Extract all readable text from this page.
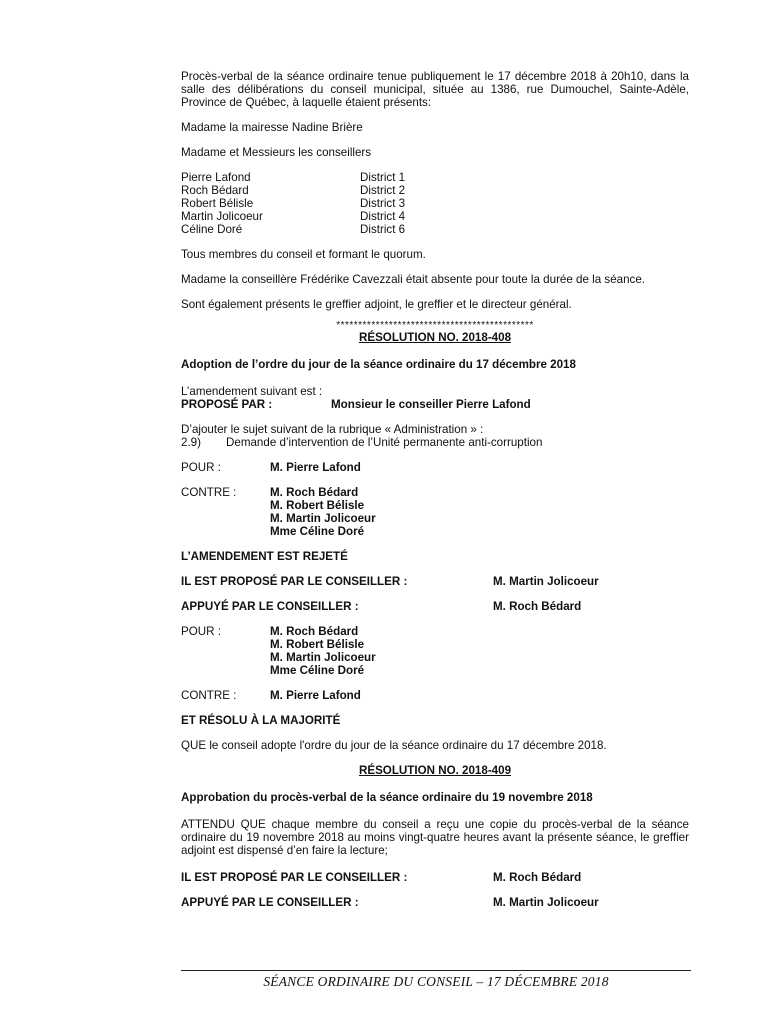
Procès-verbal de la séance ordinaire tenue publiquement le 17 décembre 2018 à 20h10, dans la salle des délibérations du conseil municipal, située au 1386, rue Dumouchel, Sainte-Adèle, Province de Québec, à laquelle étaient présents:

Madame la mairesse Nadine Brière

Madame et Messieurs les conseillers

Pierre Lafond	District 1
Roch Bédard	District 2
Robert Bélisle	District 3
Martin Jolicoeur	District 4
Céline Doré	District 6

Tous membres du conseil et formant le quorum.

Madame la conseillère Frédérike Cavezzali était absente pour toute la durée de la séance.

Sont également présents le greffier adjoint, le greffier et le directeur général.

*********************************************

RÉSOLUTION NO. 2018-408

Adoption de l’ordre du jour de la séance ordinaire du 17 décembre 2018

L’amendement suivant est :

PROPOSÉ PAR :	Monsieur le conseiller Pierre Lafond

D’ajouter le sujet suivant de la rubrique « Administration » :

2.9)	Demande d’intervention de l’Unité permanente anti-corruption
POUR :	M. Pierre Lafond
CONTRE :	M. Roch Bédard
M. Robert Bélisle
M. Martin Jolicoeur
Mme Céline Doré

L’AMENDEMENT EST REJETÉ

IL EST PROPOSÉ PAR LE CONSEILLER :	M. Martin Jolicoeur
APPUYÉ PAR LE CONSEILLER :	M. Roch Bédard
POUR :	M. Roch Bédard
M. Robert Bélisle
M. Martin Jolicoeur
Mme Céline Doré
CONTRE :	M. Pierre Lafond

ET RÉSOLU À LA MAJORITÉ

QUE le conseil adopte l'ordre du jour de la séance ordinaire du 17 décembre 2018.

RÉSOLUTION NO. 2018-409

Approbation du procès-verbal de la séance ordinaire du 19 novembre 2018

ATTENDU QUE chaque membre du conseil a reçu une copie du procès-verbal de la séance ordinaire du 19 novembre 2018 au moins vingt-quatre heures avant la présente séance, le greffier adjoint est dispensé d’en faire la lecture;

IL EST PROPOSÉ PAR LE CONSEILLER :	M. Roch Bédard
APPUYÉ PAR LE CONSEILLER :	M. Martin Jolicoeur
SÉANCE ORDINAIRE DU CONSEIL – 17 DÉCEMBRE 2018
